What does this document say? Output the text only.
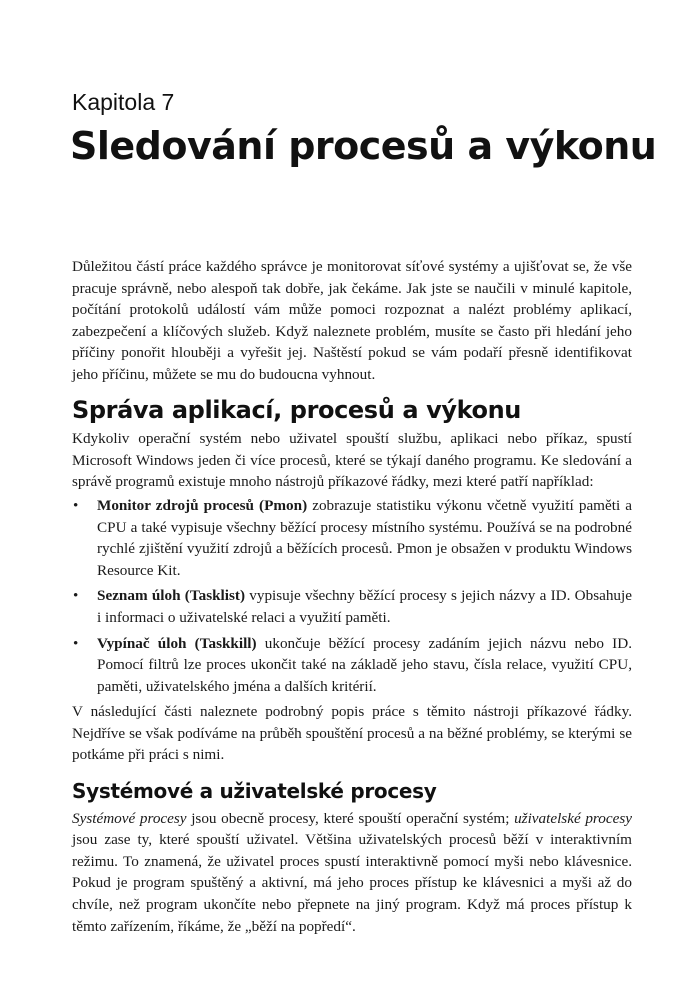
Kapitola 7
Sledování procesů a výkonu

Důležitou částí práce každého správce je monitorovat síťové systémy a ujišťovat se, že vše pracuje správně, nebo alespoň tak dobře, jak čekáme. Jak jste se naučili v minulé kapitole, počítání protokolů událostí vám může pomoci rozpoznat a nalézt problémy aplikací, zabezpečení a klíčových služeb. Když naleznete problém, musíte se často při hledání jeho příčiny ponořit hlouběji a vyřešit jej. Naštěstí pokud se vám podaří přesně identifikovat jeho příčinu, můžete se mu do budoucna vyhnout.

Správa aplikací, procesů a výkonu

Kdykoliv operační systém nebo uživatel spouští službu, aplikaci nebo příkaz, spustí Microsoft Windows jeden či více procesů, které se týkají daného programu. Ke sledování a správě programů existuje mnoho nástrojů příkazové řádky, mezi které patří například:

• Monitor zdrojů procesů (Pmon) zobrazuje statistiku výkonu včetně využití paměti a CPU a také vypisuje všechny běžící procesy místního systému. Používá se na podrobné rychlé zjištění využití zdrojů a běžících procesů. Pmon je obsažen v produktu Windows Resource Kit.
• Seznam úloh (Tasklist) vypisuje všechny běžící procesy s jejich názvy a ID. Obsahuje i informaci o uživatelské relaci a využití paměti.
• Vypínač úloh (Taskkill) ukončuje běžící procesy zadáním jejich názvu nebo ID. Pomocí filtrů lze proces ukončit také na základě jeho stavu, čísla relace, využití CPU, paměti, uživatelského jména a dalších kritérií.

V následující části naleznete podrobný popis práce s těmito nástroji příkazové řádky. Nejdříve se však podíváme na průběh spouštění procesů a na běžné problémy, se kterými se potkáme při práci s nimi.

Systémové a uživatelské procesy

Systémové procesy jsou obecně procesy, které spouští operační systém; uživatelské procesy jsou zase ty, které spouští uživatel. Většina uživatelských procesů běží v interaktivním režimu. To znamená, že uživatel proces spustí interaktivně pomocí myši nebo klávesnice. Pokud je program spuštěný a aktivní, má jeho proces přístup ke klávesnici a myši až do chvíle, než program ukončíte nebo přepnete na jiný program. Když má proces přístup k těmto zařízením, říkáme, že „běží na popředí“.
